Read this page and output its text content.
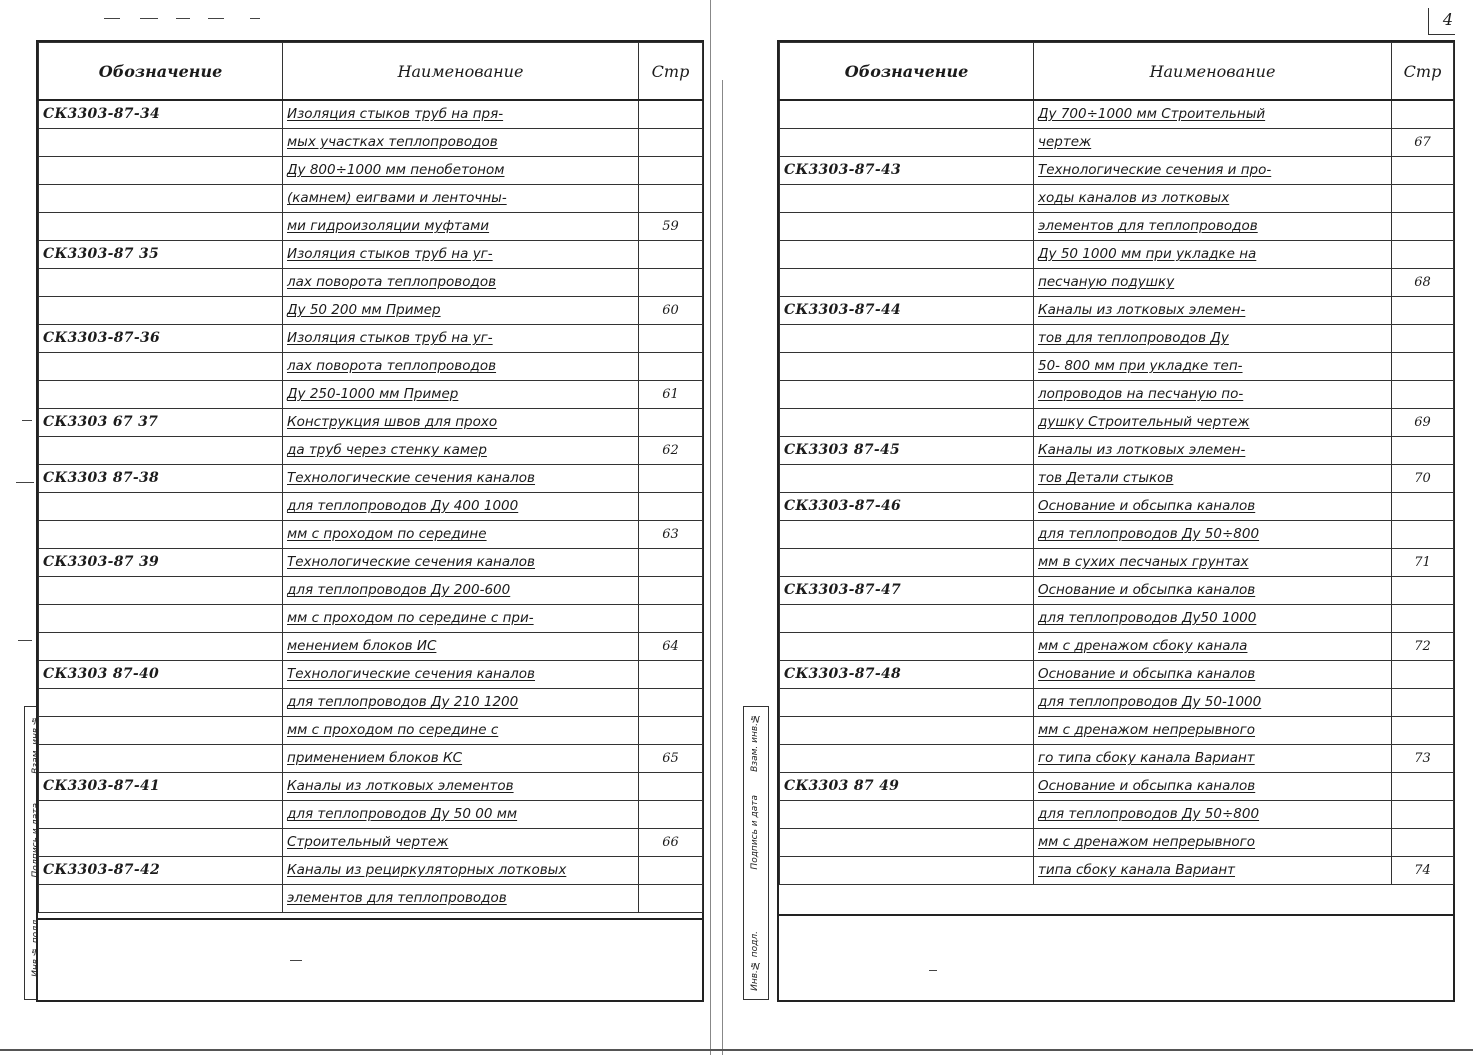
Обозначение	Наименование	Стр
СК3303-87-34	Изоляция стыков труб на пря-	
	мых участках теплопроводов	
	Ду 800÷1000 мм пенобетоном	
	(камнем) еигвами и ленточны-	
	ми гидроизоляции муфтами	59
СК3303-87 35	Изоляция стыков труб на уг-	
	лах поворота теплопроводов	
	Ду 50 200 мм Пример	60
СК3303-87-36	Изоляция стыков труб на уг-	
	лах поворота теплопроводов	
	Ду 250-1000 мм Пример	61
СК3303 67 37	Конструкция швов для прохо	
	да труб через стенку камер	62
СК3303 87-38	Технологические сечения каналов	
	для теплопроводов Ду 400 1000	
	мм с проходом по середине	63
СК3303-87 39	Технологические сечения каналов	
	для теплопроводов Ду 200-600	
	мм с проходом по середине с при-	
	менением блоков ИС	64
СК3303 87-40	Технологические сечения каналов	
	для теплопроводов Ду 210 1200	
	мм с проходом по середине с	
	применением блоков КС	65
СК3303-87-41	Каналы из лотковых элементов	
	для теплопроводов Ду 50 00 мм	
	Строительный чертеж	66
СК3303-87-42	Каналы из рециркуляторных лотковых	
	элементов для теплопроводов	
Инв.№ подл.
Подпись и дата
Взам. инв.№
Обозначение	Наименование	Стр
	Ду 700÷1000 мм Строительный	
	чертеж	67
СК3303-87-43	Технологические сечения и про-	
	ходы каналов из лотковых	
	элементов для теплопроводов	
	Ду 50 1000 мм при укладке на	
	песчаную подушку	68
СК3303-87-44	Каналы из лотковых элемен-	
	тов для теплопроводов Ду	
	50- 800 мм при укладке теп-	
	лопроводов на песчаную по-	
	душку Строительный чертеж	69
СК3303 87-45	Каналы из лотковых элемен-	
	тов Детали стыков	70
СК3303-87-46	Основание и обсыпка каналов	
	для теплопроводов Ду 50÷800	
	мм в сухих песчаных грунтах	71
СК3303-87-47	Основание и обсыпка каналов	
	для теплопроводов Ду50 1000	
	мм с дренажом сбоку канала	72
СК3303-87-48	Основание и обсыпка каналов	
	для теплопроводов Ду 50-1000	
	мм с дренажом непрерывного	
	го типа сбоку канала Вариант	73
СК3303 87 49	Основание и обсыпка каналов	
	для теплопроводов Ду 50÷800	
	мм с дренажом непрерывного	
	типа сбоку канала Вариант	74
4
